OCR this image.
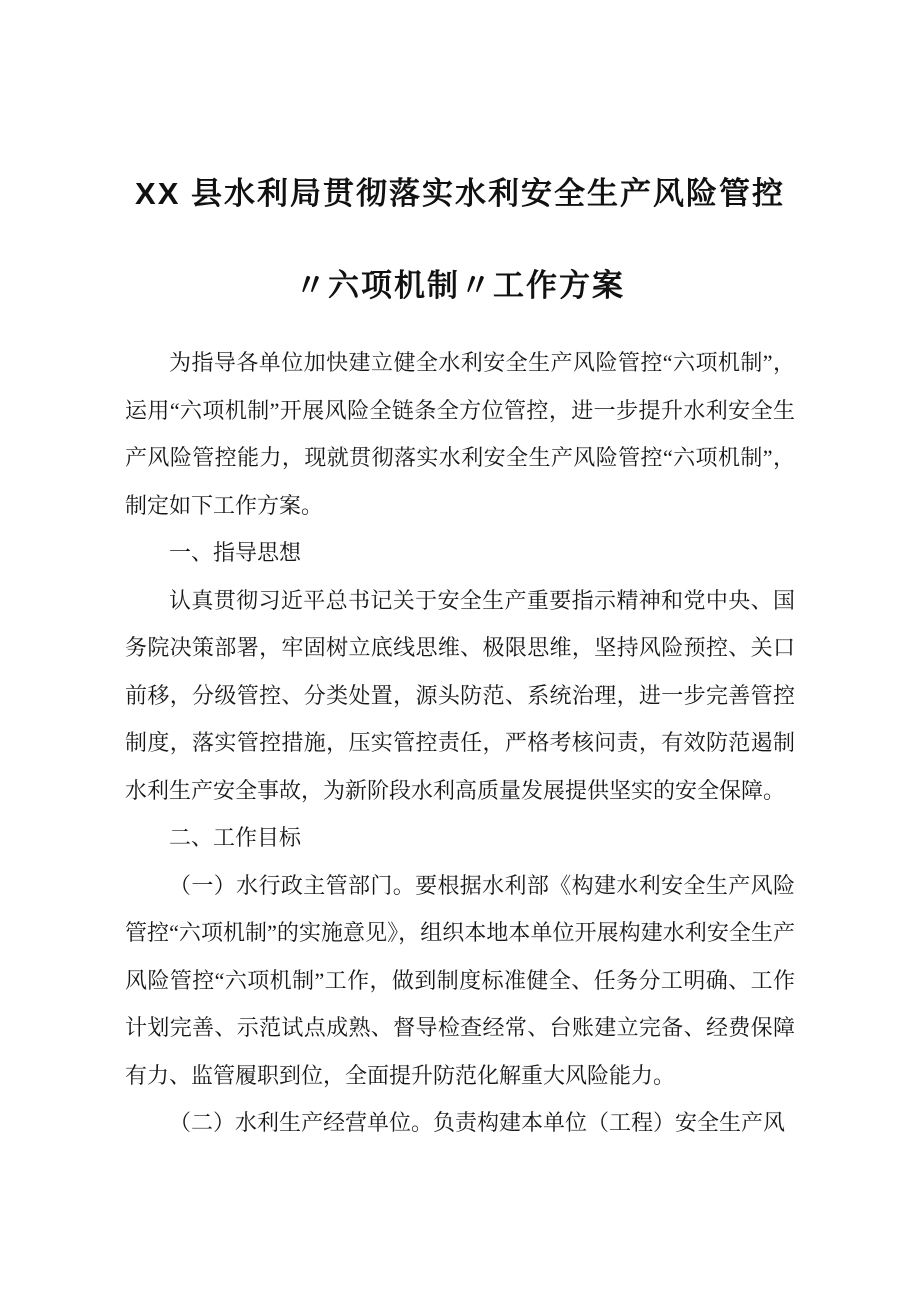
XX 县水利局贯彻落实水利安全生产风险管控
〃六项机制〃工作方案

为指导各单位加快建立健全水利安全生产风险管控“六项机制”，运用“六项机制”开展风险全链条全方位管控，进一步提升水利安全生产风险管控能力，现就贯彻落实水利安全生产风险管控“六项机制”，制定如下工作方案。

一、指导思想

认真贯彻习近平总书记关于安全生产重要指示精神和党中央、国务院决策部署，牢固树立底线思维、极限思维，坚持风险预控、关口前移，分级管控、分类处置，源头防范、系统治理，进一步完善管控制度，落实管控措施，压实管控责任，严格考核问责，有效防范遏制水利生产安全事故，为新阶段水利高质量发展提供坚实的安全保障。

二、工作目标

（一）水行政主管部门。要根据水利部《构建水利安全生产风险管控“六项机制”的实施意见》，组织本地本单位开展构建水利安全生产风险管控“六项机制”工作，做到制度标准健全、任务分工明确、工作计划完善、示范试点成熟、督导检查经常、台账建立完备、经费保障有力、监管履职到位，全面提升防范化解重大风险能力。

（二）水利生产经营单位。负责构建本单位（工程）安全生产风
